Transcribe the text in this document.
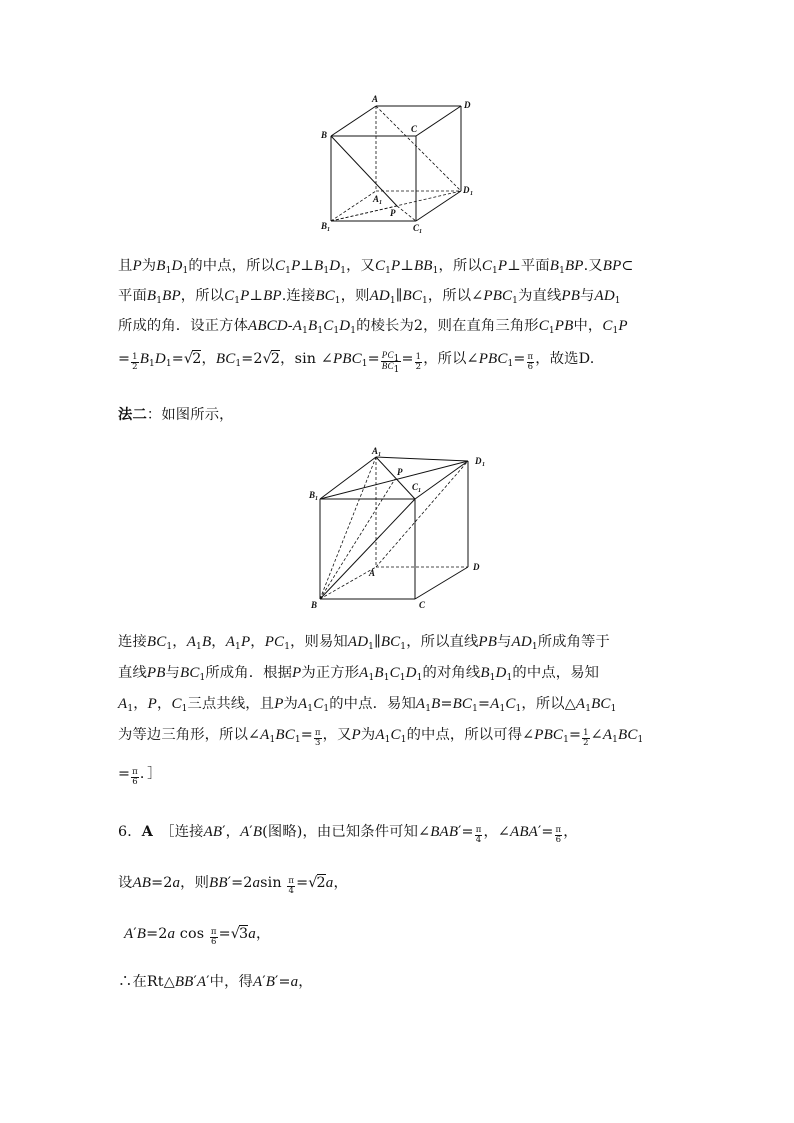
A
D
B
C
D 1
A 1
P
B 1	C 1
且P为$B_1D_1$的中点，所以$C_1P\perp B_1D_1$，又$C_1P\perp BB_1$，所以$C_1P\perp$平面$B_1BP$.又BP⊂
平面$B_1BP$，所以$C_1P\perp BP$.连接$BC_1$，则$AD_1\parallel BC_1$，所以$\angle PBC_1$为直线PB与$AD_1$
所成的角．设正方体ABCD-$A_1B_1C_1D_1$的棱长为2，则在直角三角形$C_1PB$中，$C_1P$
= $\frac{1}{2} B_1D_1=√2$，$BC_1=2√2$，$\sin \angle PBC_1= \frac{PC_1}{BC_1} = \frac{1}{2}$ ，所以$\angle PBC_1= \frac{\pi}{6}$ ，故选D.
法二：如图所示，
A 1
P
D 1
B 1
C 1
A
D
B	C
连接$BC_1$，$A_1B$，$A_1P$，$PC_1$，则易知$AD_1\parallel BC_1$，所以直线PB与$AD_1$所成角等于
直线PB与$BC_1$所成角．根据P为正方形$A_1B_1C_1D_1$的对角线$B_1D_1$的中点，易知
$A_1$，P，$C_1$三点共线，且P为$A_1C_1$的中点．易知$A_1B=BC_1=A_1C_1$，所以$\triangle A_1BC_1$
为等边三角形，所以$\angle A_1BC_1= \frac{\pi}{3}$ ，又P为$A_1C_1$的中点，所以可得$\angle PBC_1= \frac{1}{2}$ $\angle A_1BC_1$
= $\frac{\pi}{6}$ ．］
6．A　［连接AB′，A′B(图略)，由已知条件可知∠BAB′= $\frac{\pi}{4}$ ，∠ABA′= $\frac{\pi}{6}$ ，
设AB=2a，则$BB'=2asin \frac{\pi}{4} =√2a$，
A′B=2a $\cos \frac{\pi}{6} =√3a$，
∴在Rt△BB′A′中，得A′B′=a，
